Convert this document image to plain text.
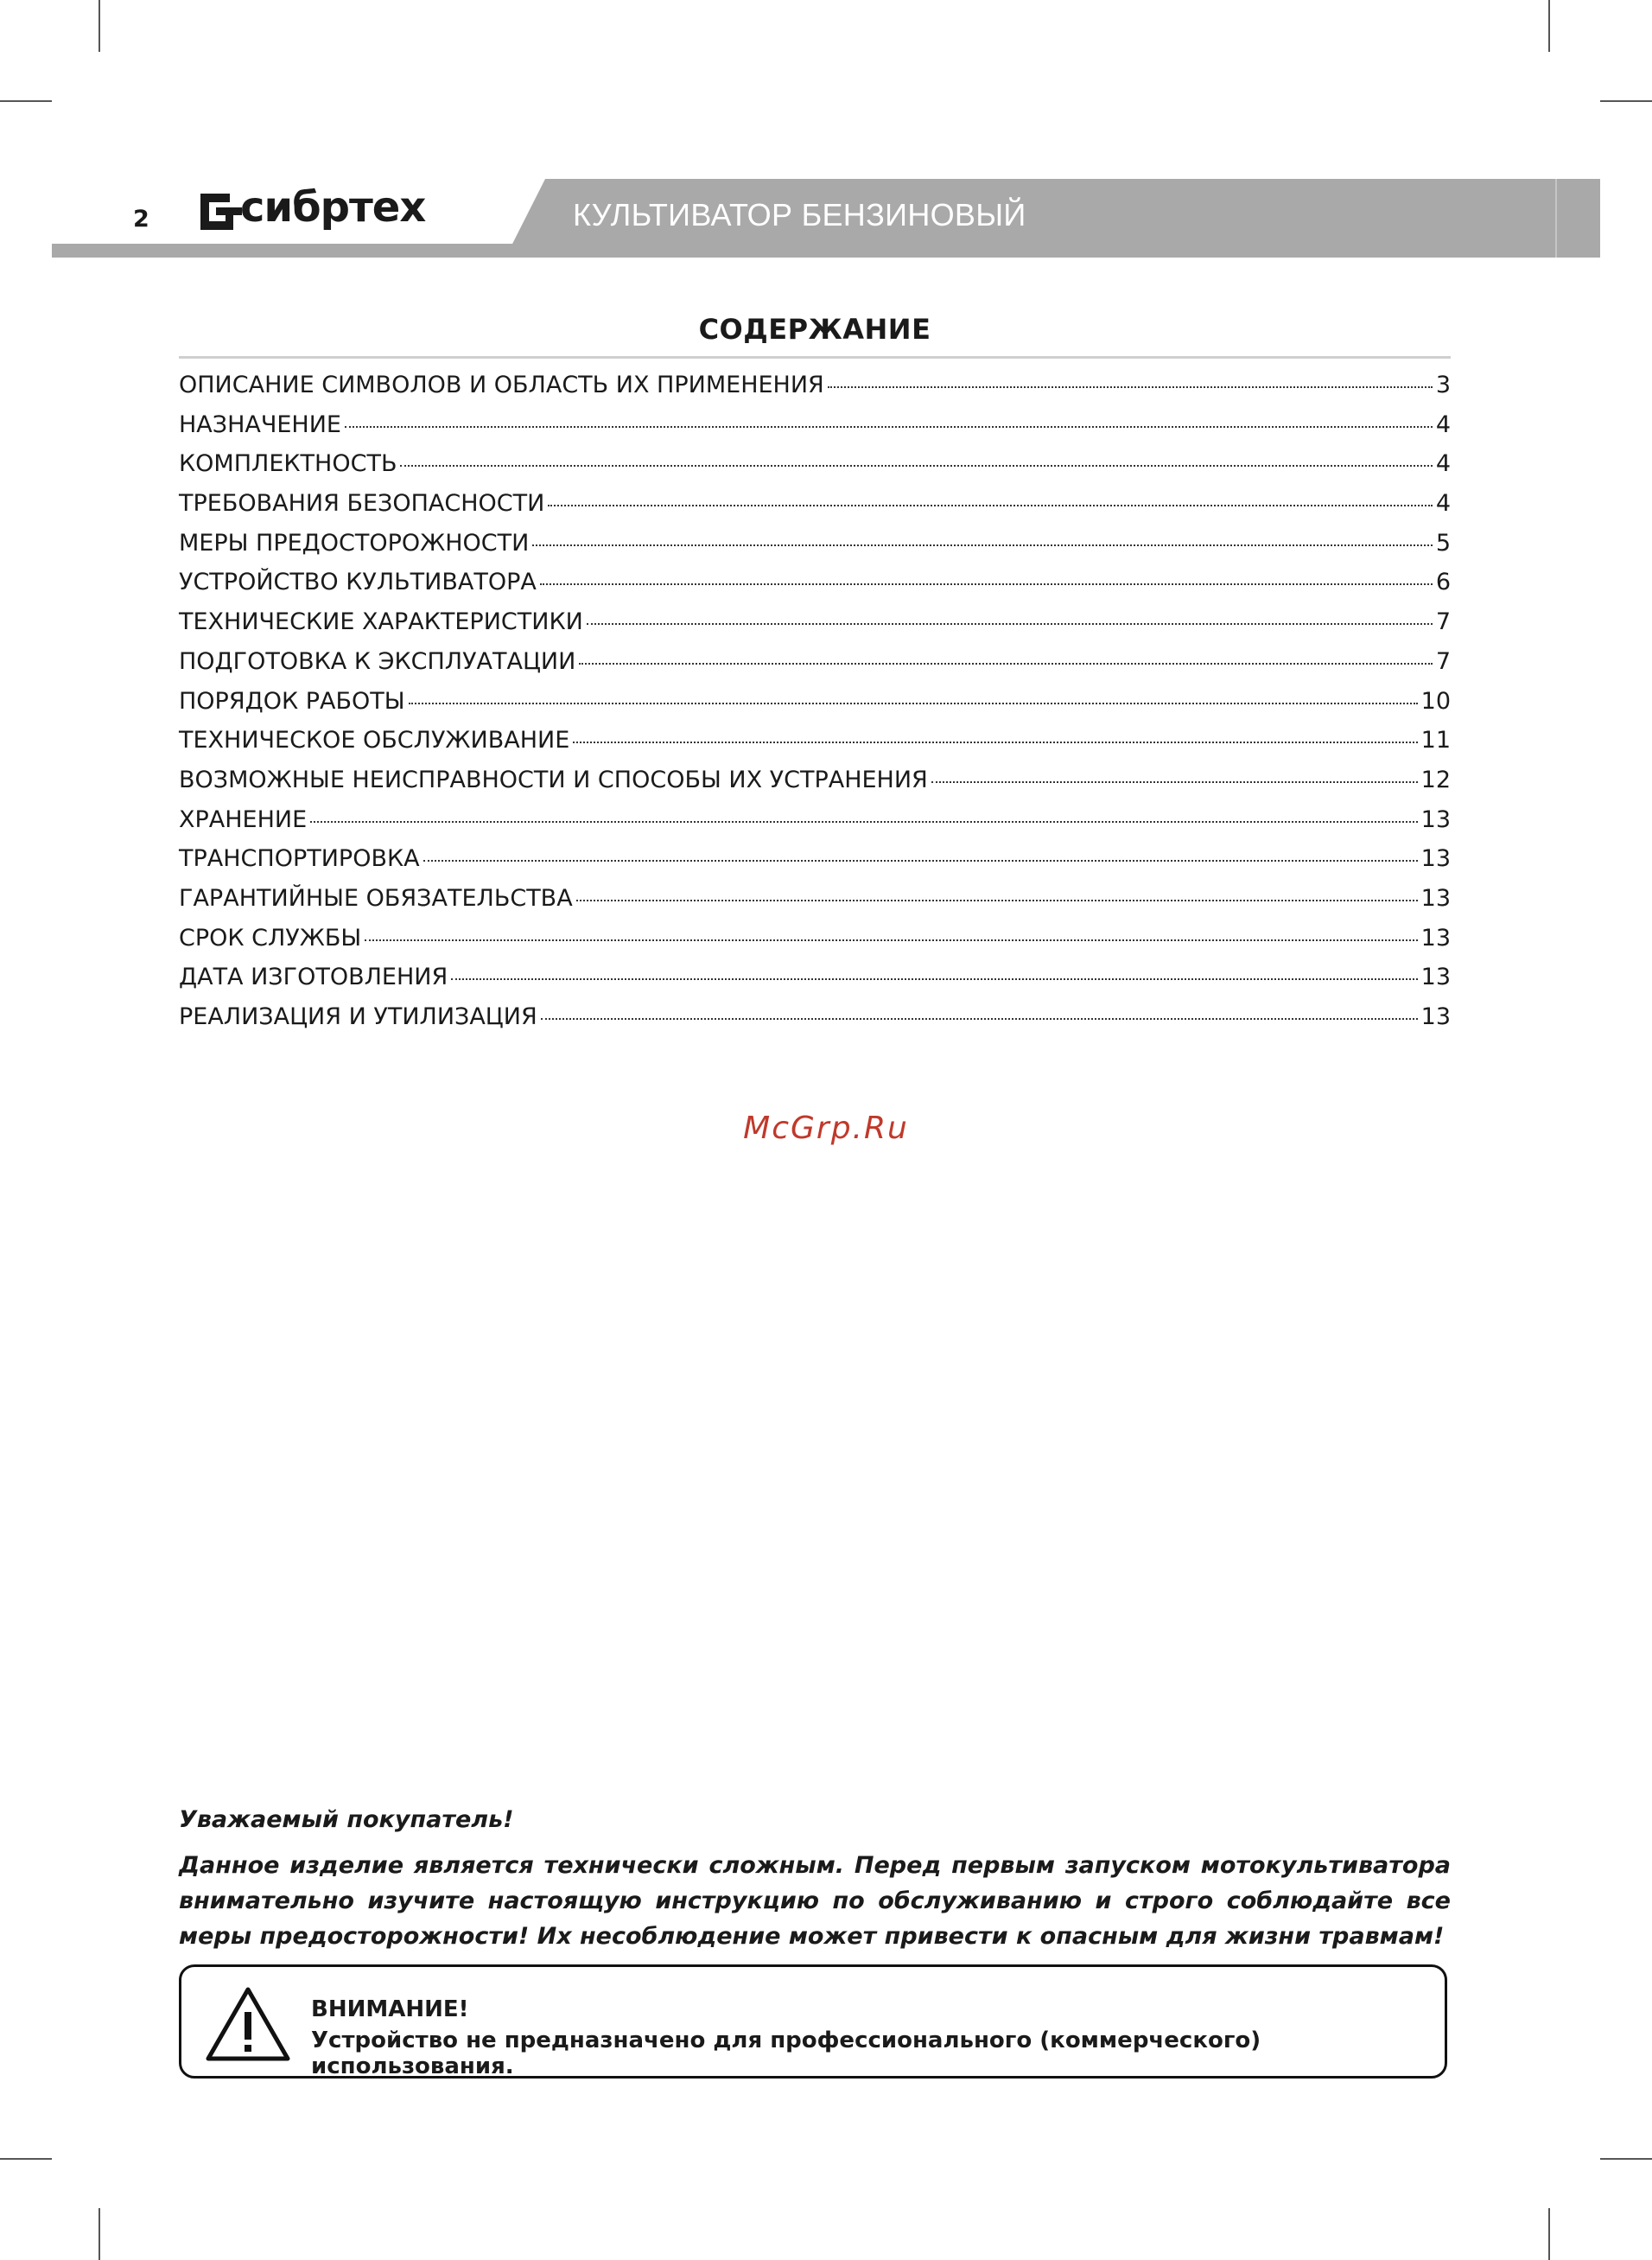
КУЛЬТИВАТОР БЕНЗИНОВЫЙ
2 сибртех
СОДЕРЖАНИЕ
ОПИСАНИЕ СИМВОЛОВ И ОБЛАСТЬ ИХ ПРИМЕНЕНИЯ	3
НАЗНАЧЕНИЕ	4
КОМПЛЕКТНОСТЬ	4
ТРЕБОВАНИЯ БЕЗОПАСНОСТИ	4
МЕРЫ ПРЕДОСТОРОЖНОСТИ	5
УСТРОЙСТВО КУЛЬТИВАТОРА	6
ТЕХНИЧЕСКИЕ ХАРАКТЕРИСТИКИ	7
ПОДГОТОВКА К ЭКСПЛУАТАЦИИ	7
ПОРЯДОК РАБОТЫ	10
ТЕХНИЧЕСКОЕ ОБСЛУЖИВАНИЕ	11
ВОЗМОЖНЫЕ НЕИСПРАВНОСТИ И СПОСОБЫ ИХ УСТРАНЕНИЯ	12
ХРАНЕНИЕ	13
ТРАНСПОРТИРОВКА	13
ГАРАНТИЙНЫЕ ОБЯЗАТЕЛЬСТВА	13
СРОК СЛУЖБЫ	13
ДАТА ИЗГОТОВЛЕНИЯ	13
РЕАЛИЗАЦИЯ И УТИЛИЗАЦИЯ	13
McGrp.Ru
Уважаемый покупатель!

Данное изделие является технически сложным. Перед первым запуском мотокультиватора внимательно изучите настоящую инструкцию по обслуживанию и строго соблюдайте все меры предосторожности! Их несоблюдение может привести к опасным для жизни травмам!

ВНИМАНИЕ!
Устройство не предназначено для профессионального (коммерческого) использования.
